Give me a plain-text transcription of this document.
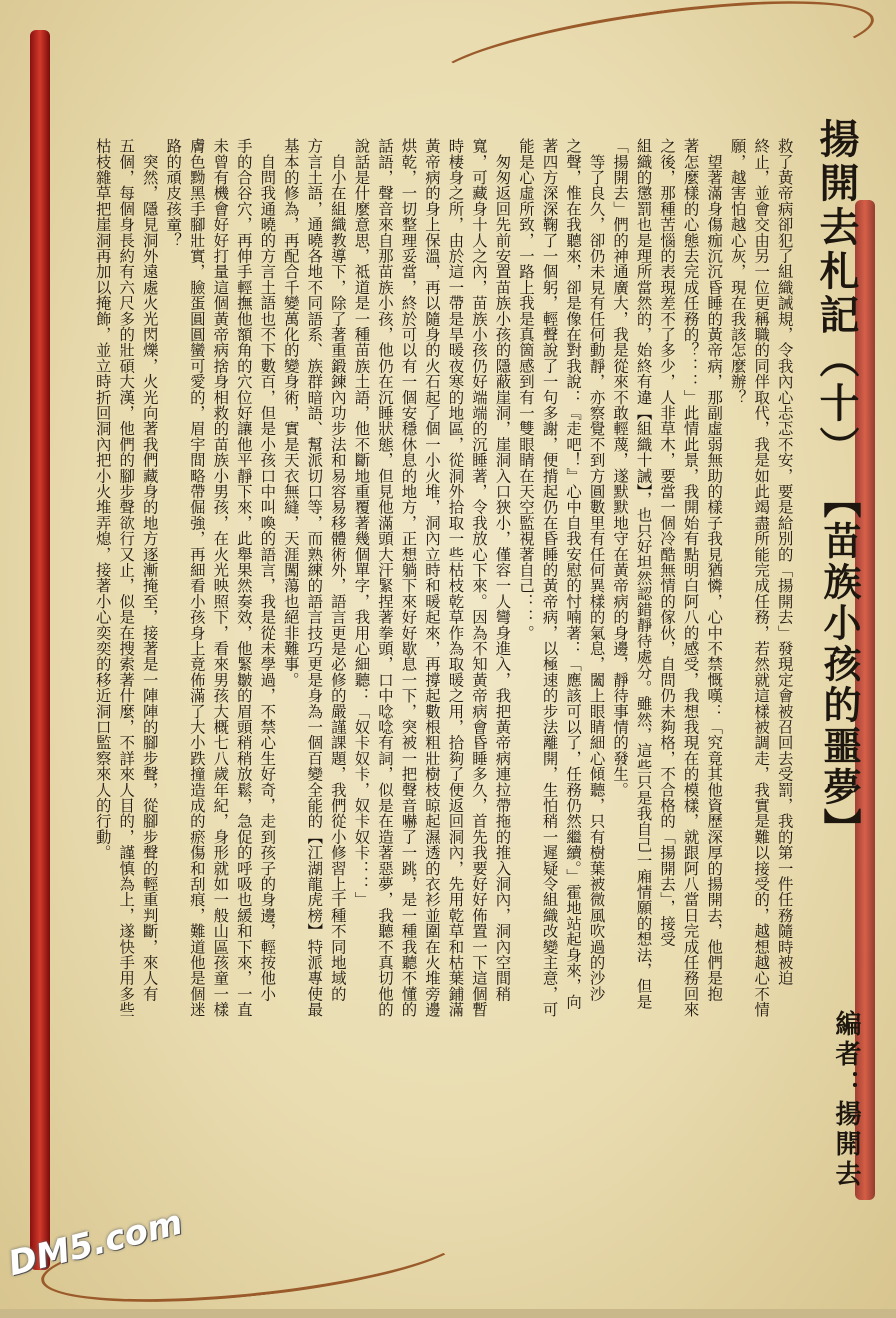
揚開去札記（十）
【苗族小孩的噩夢】
編者：揚開去
救了黃帝病卻犯了組織誡規，令我內心忐忑不安，要是給別的「揚開去」發現定會被召回去受罰，我的第一件任務隨時被迫
終止，並會交由另一位更稱職的同伴取代，我是如此竭盡所能完成任務，若然就這樣被調走，我實是難以接受的，越想越心不情
願，越害怕越心灰，現在我該怎麼辦？
　望著滿身傷痂沉沉昏睡的黃帝病，那副虛弱無助的樣子我見猶憐，心中不禁慨嘆：「究竟其他資歷深厚的揚開去，他們是抱
著怎麼樣的心態去完成任務的？：：」此情此景，我開始有點明白阿八的感受，我想我現在的模樣，就跟阿八當日完成任務回來
之後，那種苦惱的表現差不了多少，人非草木，要當一個冷酷無情的傢伙，自問仍未夠格，不合格的「揚開去」，接受
組織的懲罰也是理所當然的，始終有違【組織十誡】，也只好坦然認錯靜待處分。雖然，這些只是我自己一廂情願的想法，但是
「揚開去」們的神通廣大，我是從來不敢輕蔑，遂默默地守在黃帝病的身邊，靜待事情的發生。
　等了良久，卻仍未見有任何動靜，亦察覺不到方圓數里有任何異樣的氣息，闔上眼睛細心傾聽，只有樹葉被微風吹過的沙沙
之聲，惟在我聽來，卻是像在對我說：『走吧！』心中自我安慰的忖喃著：「應該可以了，任務仍然繼續。」霍地站起身來，向
著四方深深鞠了一個躬，輕聲說了一句多謝，便揹起仍在昏睡的黃帝病，以極速的步法離開，生怕稍一遲疑令組織改變主意，可
能是心虛所致，一路上我是真箇感到有一雙眼睛在天空監視著自己：：。
　匆匆返回先前安置苗族小孩的隱蔽崖洞，崖洞入口狹小，僅容一人彎身進入，我把黃帝病連拉帶拖的推入洞內，洞內空間稍
寬，可藏身十人之內，苗族小孩仍好端端的沉睡著，令我放心下來。因為不知黃帝病會昏睡多久，首先我要好好佈置一下這個暫
時棲身之所，由於這一帶是旱暖夜寒的地區，從洞外拾取一些枯枝乾草作為取暖之用，拾夠了便返回洞內，先用乾草和枯葉鋪滿
黃帝病的身上保溫，再以隨身的火石起了個一小火堆，洞內立時和暖起來，再撐起數根粗壯樹枝晾起濕透的衣衫並圍在火堆旁邊
烘乾，一切整理妥當，終於可以有一個安穩休息的地方，正想躺下來好好歇息一下，突被一把聲音嚇了一跳，是一種我聽不懂的
話語，聲音來自那苗族小孩，他仍在沉睡狀態，但見他滿頭大汗緊捏著拳頭，口中唸唸有詞，似是在造著惡夢，我聽不真切他的
說話是什麼意思，祗道是一種苗族土語，他不斷地重覆著幾個單字，我用心細聽：「奴卡奴卡，奴卡奴卡：：」
　自小在組織教導下，除了著重鍛鍊內功步法和易容易移體術外，語言更是必修的嚴謹課題，我們從小修習上千種不同地域的
方言土語，通曉各地不同語系、族群暗語、幫派切口等，而熟練的語言技巧更是身為一個百變全能的【江湖龍虎榜】特派專使最
基本的修為，再配合千變萬化的變身術，實是天衣無縫，天涯闖蕩也絕非難事。
　自問我通曉的方言土語也不下數百，但是小孩口中叫喚的語言，我是從未學過，不禁心生好奇，走到孩子的身邊，輕按他小
手的合谷穴，再伸手輕撫他額角的穴位好讓他平靜下來，此舉果然奏效，他緊皺的眉頭稍稍放鬆，急促的呼吸也緩和下來，一直
未曾有機會好好打量這個黃帝病捨身相救的苗族小男孩，在火光映照下，看來男孩大概七八歲年紀，身形就如一般山區孩童一樣
膚色黝黑手腳壯實，臉蛋圓圓蠻可愛的，眉宇間略帶倔強，再細看小孩身上竟佈滿了大小跌撞造成的瘀傷和刮痕，難道他是個迷
路的頑皮孩童？
　突然，隱見洞外遠處火光閃爍，火光向著我們藏身的地方逐漸掩至，接著是一陣陣的腳步聲，從腳步聲的輕重判斷，來人有
五個，每個身長約有六尺多的壯碩大漢，他們的腳步聲欲行又止，似是在搜索著什麼，不詳來人目的，謹慎為上，遂快手用多些
枯枝雜草把崖洞再加以掩飾，並立時折回洞內把小火堆弄熄，接著小心奕奕的移近洞口監察來人的行動。
DM5.com
